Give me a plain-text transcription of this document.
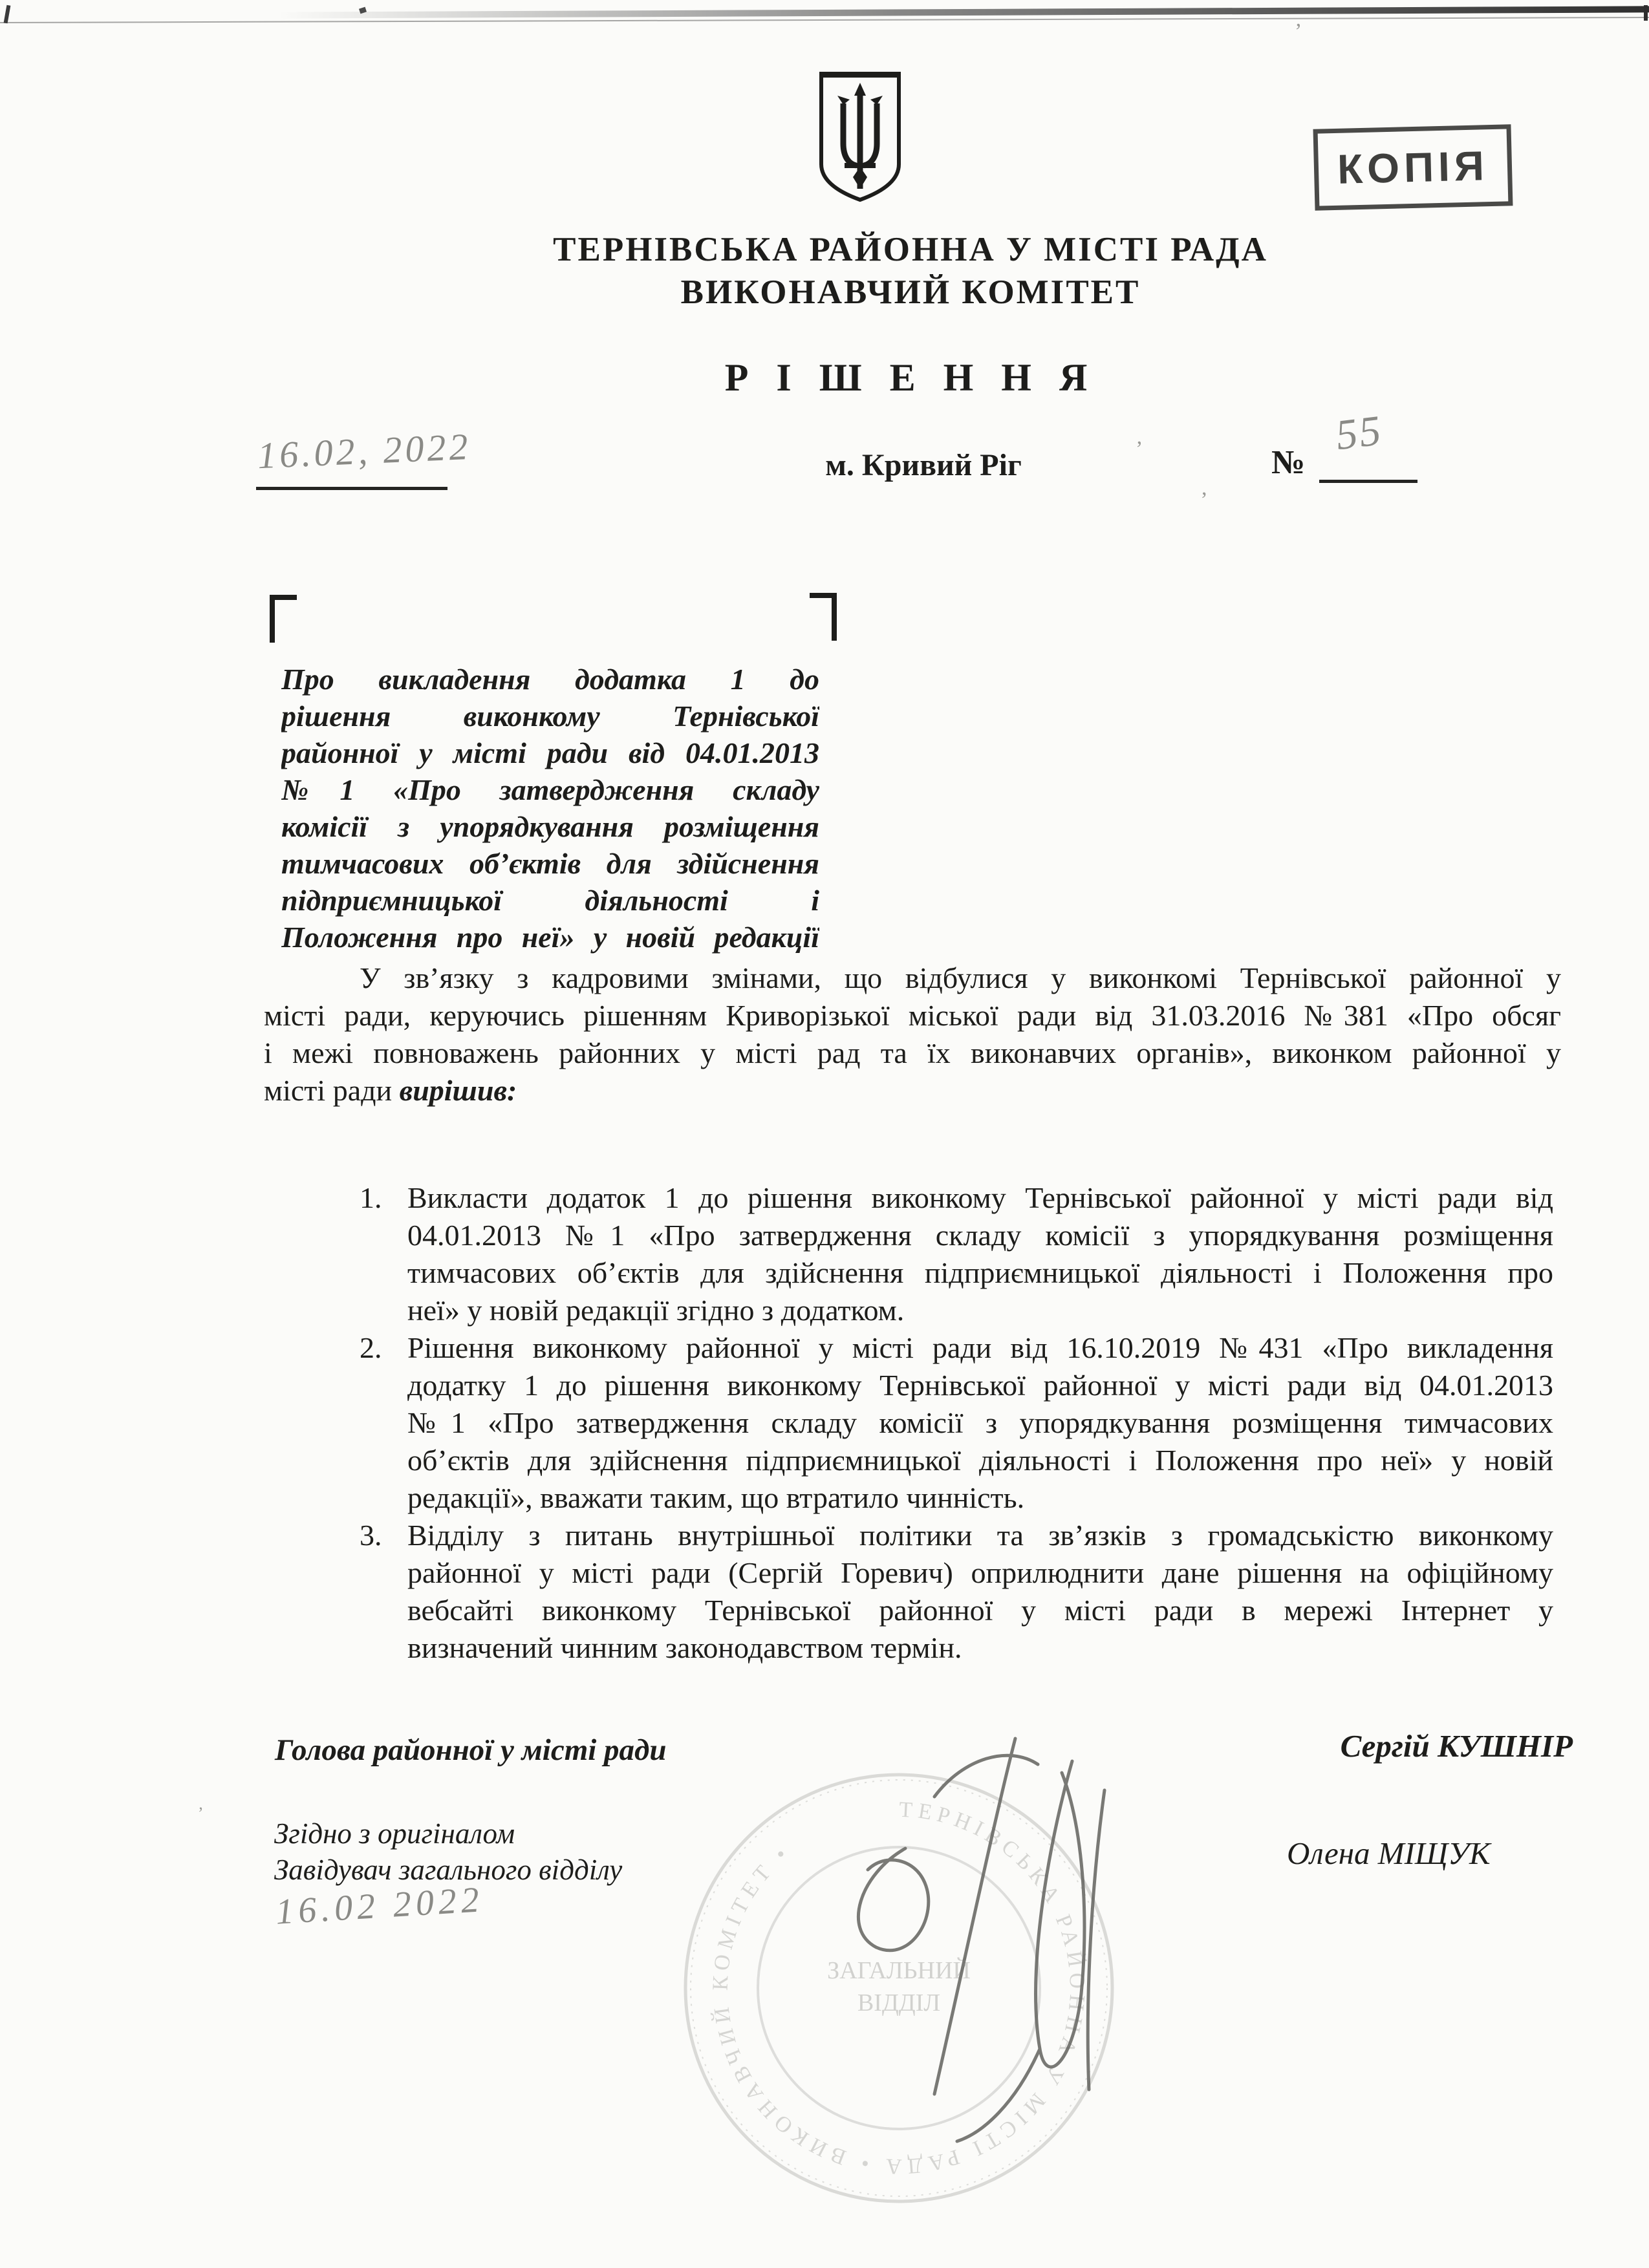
’
,
’
’
КОПІЯ
ТЕРНІВСЬКА РАЙОННА У МІСТІ РАДА
ВИКОНАВЧИЙ КОМІТЕТ
Р І Ш Е Н Н Я
16.02, 2022	м. Кривий Ріг	№
55
Про викладення додатка 1 до
рішення виконкому Тернівської
районної у місті ради від 04.01.2013
№1 «Про затвердження складу
комісії з упорядкування розміщення
тимчасових об’єктів для здійснення
підприємницької діяльності і
Положення про неї» у новій редакції
У зв’язку з кадровими змінами, що відбулися у виконкомі Тернівської районної у
місті ради, керуючись рішенням Криворізької міської ради від 31.03.2016 №381 «Про обсяг
і межі повноважень районних у місті рад та їх виконавчих органів», виконком районної у
місті ради вирішив:
1. Викласти додаток 1 до рішення виконкому Тернівської районної у місті ради від
04.01.2013 №1 «Про затвердження складу комісії з упорядкування розміщення
тимчасових об’єктів для здійснення підприємницької діяльності і Положення про
неї» у новій редакції згідно з додатком.
2. Рішення виконкому районної у місті ради від 16.10.2019 №431 «Про викладення
додатку 1 до рішення виконкому Тернівської районної у місті ради від 04.01.2013
№1 «Про затвердження складу комісії з упорядкування розміщення тимчасових
об’єктів для здійснення підприємницької діяльності і Положення про неї» у новій
редакції», вважати таким, що втратило чинність.
3. Відділу з питань внутрішньої політики та зв’язків з громадськістю виконкому
районної у місті ради (Сергій Горевич) оприлюднити дане рішення на офіційному
вебсайті виконкому Тернівської районної у місті ради в мережі Інтернет у
визначений чинним законодавством термін.
ТЕРНІВСЬКА РАЙОННА У МІСТІ РАДА • ВИКОНАВЧИЙ КОМІТЕТ •
ЗАГАЛЬНИЙ
ВІДДІЛ
Голова районної у місті ради	Сергій КУШНІР
Згідно з оригіналом
Завідувач загального відділу
16.02 2022
Олена МІЩУК
